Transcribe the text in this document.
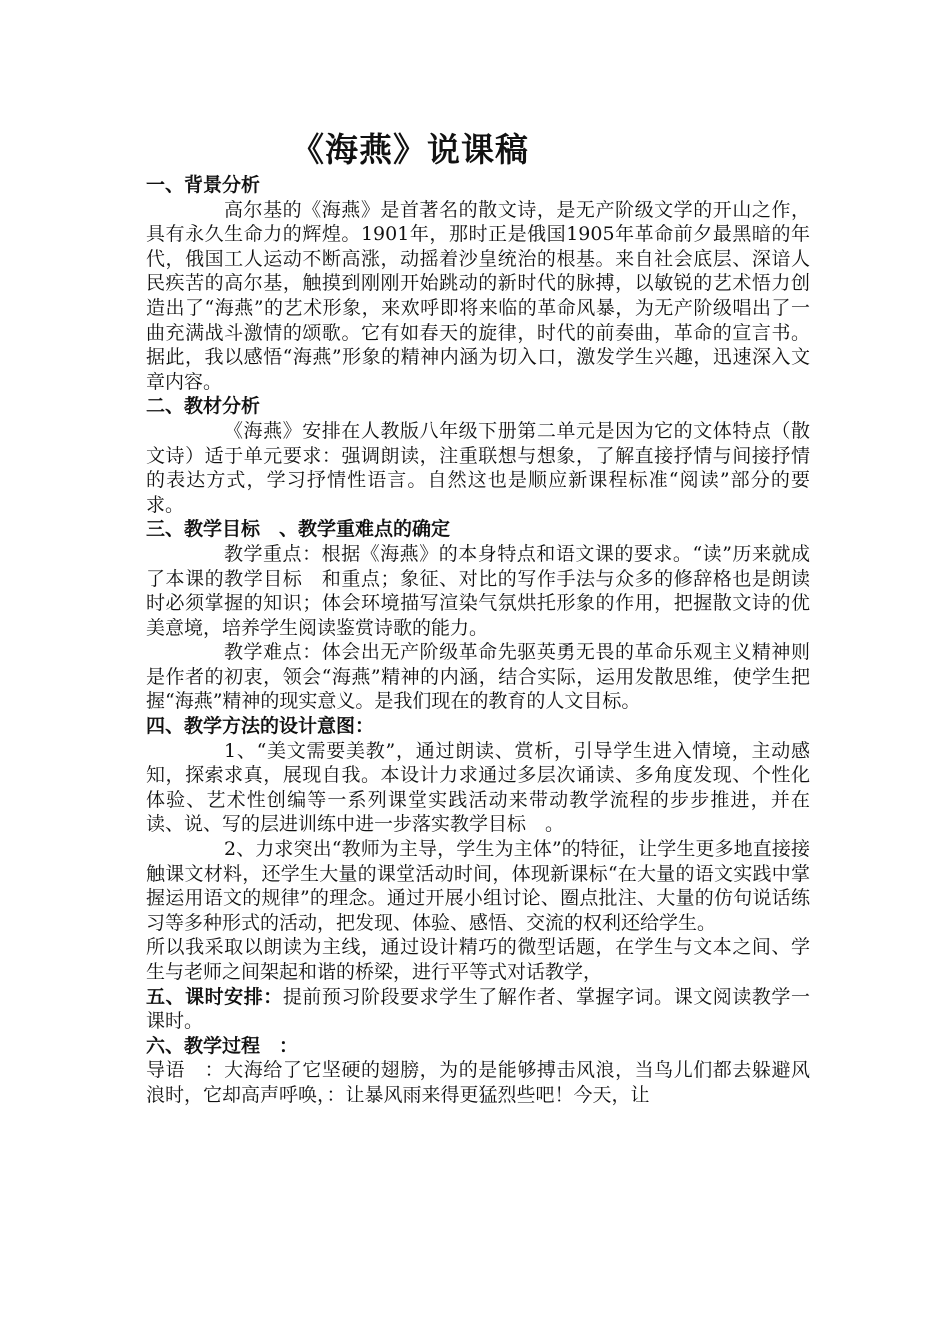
《海燕》说课稿

一、背景分析

高尔基的《海燕》是首著名的散文诗，是无产阶级文学的开山之作，具有永久生命力的辉煌。1901年，那时正是俄国1905年革命前夕最黑暗的年代，俄国工人运动不断高涨，动摇着沙皇统治的根基。来自社会底层、深谙人民疾苦的高尔基，触摸到刚刚开始跳动的新时代的脉搏，以敏锐的艺术悟力创造出了“海燕”的艺术形象，来欢呼即将来临的革命风暴，为无产阶级唱出了一曲充满战斗激情的颂歌。它有如春天的旋律，时代的前奏曲，革命的宣言书。据此，我以感悟“海燕”形象的精神内涵为切入口，激发学生兴趣，迅速深入文章内容。

二、教材分析

《海燕》安排在人教版八年级下册第二单元是因为它的文体特点（散文诗）适于单元要求：强调朗读，注重联想与想象，了解直接抒情与间接抒情的表达方式，学习抒情性语言。自然这也是顺应新课程标准“阅读”部分的要求。

三、教学目标　、教学重难点的确定

教学重点：根据《海燕》的本身特点和语文课的要求。“读”历来就成了本课的教学目标　和重点；象征、对比的写作手法与众多的修辞格也是朗读时必须掌握的知识；体会环境描写渲染气氛烘托形象的作用，把握散文诗的优美意境，培养学生阅读鉴赏诗歌的能力。

教学难点：体会出无产阶级革命先驱英勇无畏的革命乐观主义精神则是作者的初衷，领会“海燕”精神的内涵，结合实际，运用发散思维，使学生把握“海燕”精神的现实意义。是我们现在的教育的人文目标。

四、教学方法的设计意图：

1、“美文需要美教”，通过朗读、赏析，引导学生进入情境，主动感知，探索求真，展现自我。本设计力求通过多层次诵读、多角度发现、个性化体验、艺术性创编等一系列课堂实践活动来带动教学流程的步步推进，并在读、说、写的层进训练中进一步落实教学目标　。

2、力求突出“教师为主导，学生为主体”的特征，让学生更多地直接接触课文材料，还学生大量的课堂活动时间，体现新课标“在大量的语文实践中掌握运用语文的规律”的理念。通过开展小组讨论、圈点批注、大量的仿句说话练习等多种形式的活动，把发现、体验、感悟、交流的权利还给学生。

所以我采取以朗读为主线，通过设计精巧的微型话题，在学生与文本之间、学生与老师之间架起和谐的桥梁，进行平等式对话教学，

五、课时安排：提前预习阶段要求学生了解作者、掌握字词。课文阅读教学一课时。

六、教学过程　：

导语　：大海给了它坚硬的翅膀，为的是能够搏击风浪，当鸟儿们都去躲避风浪时，它却高声呼唤，：让暴风雨来得更猛烈些吧！今天，让
